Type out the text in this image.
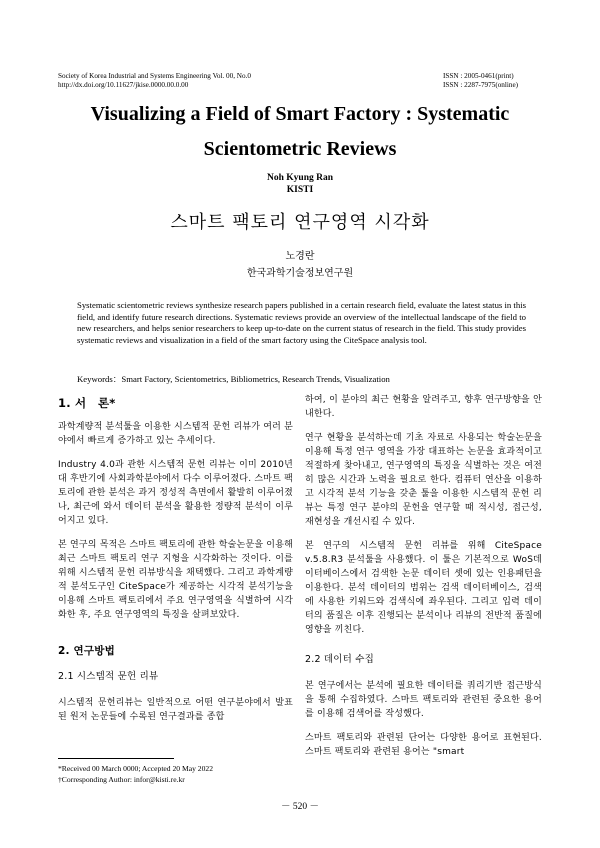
Society of Korea Industrial and Systems Engineering Vol. 00, No.0
http://dx.doi.org/10.11627/jkise.0000.00.0.00
ISSN : 2005-0461(print)
ISSN : 2287-7975(online)
Visualizing a Field of Smart Factory : Systematic
Scientometric Reviews
Noh Kyung Ran
KISTI
스마트 팩토리 연구영역 시각화
노경란
한국과학기술정보연구원
Systematic scientometric reviews synthesize research papers published in a certain research field, evaluate the latest status in this field, and identify future research directions. Systematic reviews provide an overview of the intellectual landscape of the field to new researchers, and helps senior researchers to keep up-to-date on the current status of research in the field. This study provides systematic reviews and visualization in a field of the smart factory using the CiteSpace analysis tool.
Keywords：Smart Factory, Scientometrics, Bibliometrics, Research Trends, Visualization

1. 서　론*

과학계량적 분석툴을 이용한 시스템적 문헌 리뷰가 여러 분야에서 빠르게 증가하고 있는 추세이다.

Industry 4.0과 관한 시스템적 문헌 리뷰는 이미 2010년대 후반기에 사회과학분야에서 다수 이루어졌다. 스마트 팩토리에 관한 분석은 과거 정성적 측면에서 활발히 이루어졌나, 최근에 와서 데이터 분석을 활용한 정량적 분석이 이루어지고 있다.

본 연구의 목적은 스마트 팩토리에 관한 학술논문을 이용해 최근 스마트 팩토리 연구 지형을 시각화하는 것이다. 이를 위해 시스템적 문헌 리뷰방식을 채택했다. 그리고 과학계량적 분석도구인 CiteSpace가 제공하는 시각적 분석기능을 이용해 스마트 팩토리에서 주요 연구영역을 식별하여 시각화한 후, 주요 연구영역의 특징을 살펴보았다.

2. 연구방법

2.1 시스템적 문헌 리뷰

시스템적 문헌리뷰는 일반적으로 어떤 연구분야에서 발표된 원저 논문들에 수록된 연구결과를 종합

*Received 00 March 0000; Accepted 20 May 2022
†Corresponding Author: infor@kisti.re.kr

하여, 이 분야의 최근 현황을 알려주고, 향후 연구방향을 안내한다.

연구 현황을 분석하는데 기초 자료로 사용되는 학술논문을 이용해 특정 연구 영역을 가장 대표하는 논문을 효과적이고 적절하게 찾아내고, 연구영역의 특징을 식별하는 것은 여전히 많은 시간과 노력을 필요로 한다. 컴퓨터 연산을 이용하고 시각적 분석 기능을 갖춘 툴을 이용한 시스템적 문헌 리뷰는 특정 연구 분야의 문헌을 연구할 때 적시성, 접근성, 재현성을 개선시킬 수 있다.

본 연구의 시스템적 문헌 리뷰를 위해 CiteSpace v.5.8.R3 분석툴을 사용했다. 이 툴은 기본적으로 WoS데이터베이스에서 검색한 논문 데이터 셋에 있는 인용패턴을 이용한다. 분석 데이터의 범위는 검색 데이터베이스, 검색에 사용한 키워드와 검색식에 좌우된다. 그리고 입력 데이터의 품질은 이후 진행되는 분석이나 리뷰의 전반적 품질에 영향을 끼친다.

2.2 데이터 수집

본 연구에서는 분석에 필요한 데이터를 쿼리기반 접근방식을 통해 수집하였다. 스마트 팩토리와 관련된 중요한 용어를 이용해 검색어를 작성했다.

스마트 팩토리와 관련된 단어는 다양한 용어로 표현된다. 스마트 팩토리와 관련된 용어는 "smart

－ 520 －
